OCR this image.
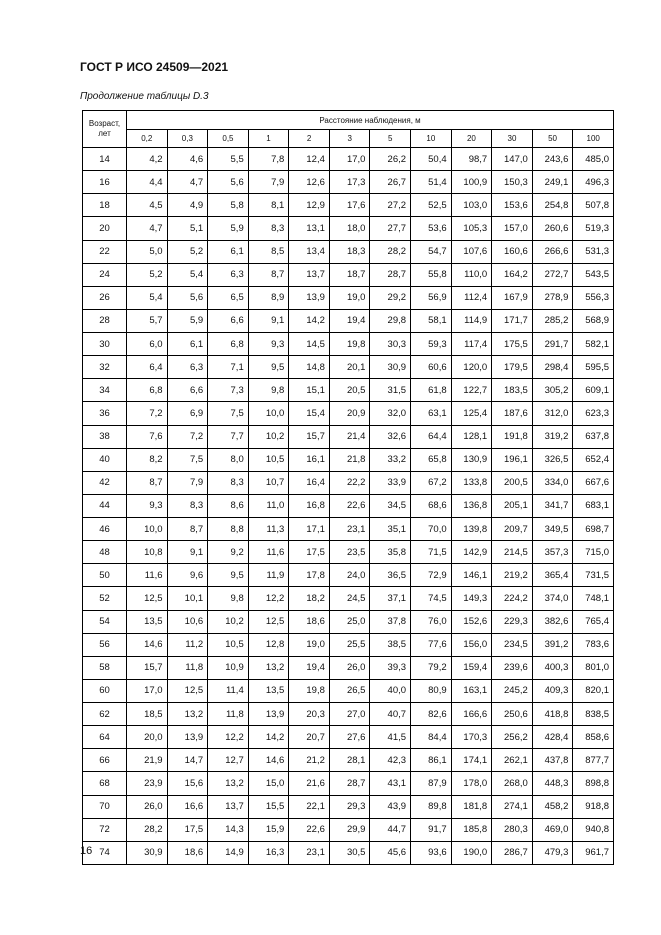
ГОСТ Р ИСО 24509—2021
Продолжение таблицы D.3
Возраст,
лет	Расстояние наблюдения, м											
	0,2	0,3	0,5	1	2	3	5	10	20	30	50	100
14	4,2	4,6	5,5	7,8	12,4	17,0	26,2	50,4	98,7	147,0	243,6	485,0
16	4,4	4,7	5,6	7,9	12,6	17,3	26,7	51,4	100,9	150,3	249,1	496,3
18	4,5	4,9	5,8	8,1	12,9	17,6	27,2	52,5	103,0	153,6	254,8	507,8
20	4,7	5,1	5,9	8,3	13,1	18,0	27,7	53,6	105,3	157,0	260,6	519,3
22	5,0	5,2	6,1	8,5	13,4	18,3	28,2	54,7	107,6	160,6	266,6	531,3
24	5,2	5,4	6,3	8,7	13,7	18,7	28,7	55,8	110,0	164,2	272,7	543,5
26	5,4	5,6	6,5	8,9	13,9	19,0	29,2	56,9	112,4	167,9	278,9	556,3
28	5,7	5,9	6,6	9,1	14,2	19,4	29,8	58,1	114,9	171,7	285,2	568,9
30	6,0	6,1	6,8	9,3	14,5	19,8	30,3	59,3	117,4	175,5	291,7	582,1
32	6,4	6,3	7,1	9,5	14,8	20,1	30,9	60,6	120,0	179,5	298,4	595,5
34	6,8	6,6	7,3	9,8	15,1	20,5	31,5	61,8	122,7	183,5	305,2	609,1
36	7,2	6,9	7,5	10,0	15,4	20,9	32,0	63,1	125,4	187,6	312,0	623,3
38	7,6	7,2	7,7	10,2	15,7	21,4	32,6	64,4	128,1	191,8	319,2	637,8
40	8,2	7,5	8,0	10,5	16,1	21,8	33,2	65,8	130,9	196,1	326,5	652,4
42	8,7	7,9	8,3	10,7	16,4	22,2	33,9	67,2	133,8	200,5	334,0	667,6
44	9,3	8,3	8,6	11,0	16,8	22,6	34,5	68,6	136,8	205,1	341,7	683,1
46	10,0	8,7	8,8	11,3	17,1	23,1	35,1	70,0	139,8	209,7	349,5	698,7
48	10,8	9,1	9,2	11,6	17,5	23,5	35,8	71,5	142,9	214,5	357,3	715,0
50	11,6	9,6	9,5	11,9	17,8	24,0	36,5	72,9	146,1	219,2	365,4	731,5
52	12,5	10,1	9,8	12,2	18,2	24,5	37,1	74,5	149,3	224,2	374,0	748,1
54	13,5	10,6	10,2	12,5	18,6	25,0	37,8	76,0	152,6	229,3	382,6	765,4
56	14,6	11,2	10,5	12,8	19,0	25,5	38,5	77,6	156,0	234,5	391,2	783,6
58	15,7	11,8	10,9	13,2	19,4	26,0	39,3	79,2	159,4	239,6	400,3	801,0
60	17,0	12,5	11,4	13,5	19,8	26,5	40,0	80,9	163,1	245,2	409,3	820,1
62	18,5	13,2	11,8	13,9	20,3	27,0	40,7	82,6	166,6	250,6	418,8	838,5
64	20,0	13,9	12,2	14,2	20,7	27,6	41,5	84,4	170,3	256,2	428,4	858,6
66	21,9	14,7	12,7	14,6	21,2	28,1	42,3	86,1	174,1	262,1	437,8	877,7
68	23,9	15,6	13,2	15,0	21,6	28,7	43,1	87,9	178,0	268,0	448,3	898,8
70	26,0	16,6	13,7	15,5	22,1	29,3	43,9	89,8	181,8	274,1	458,2	918,8
72	28,2	17,5	14,3	15,9	22,6	29,9	44,7	91,7	185,8	280,3	469,0	940,8
74	30,9	18,6	14,9	16,3	23,1	30,5	45,6	93,6	190,0	286,7	479,3	961,7
16
